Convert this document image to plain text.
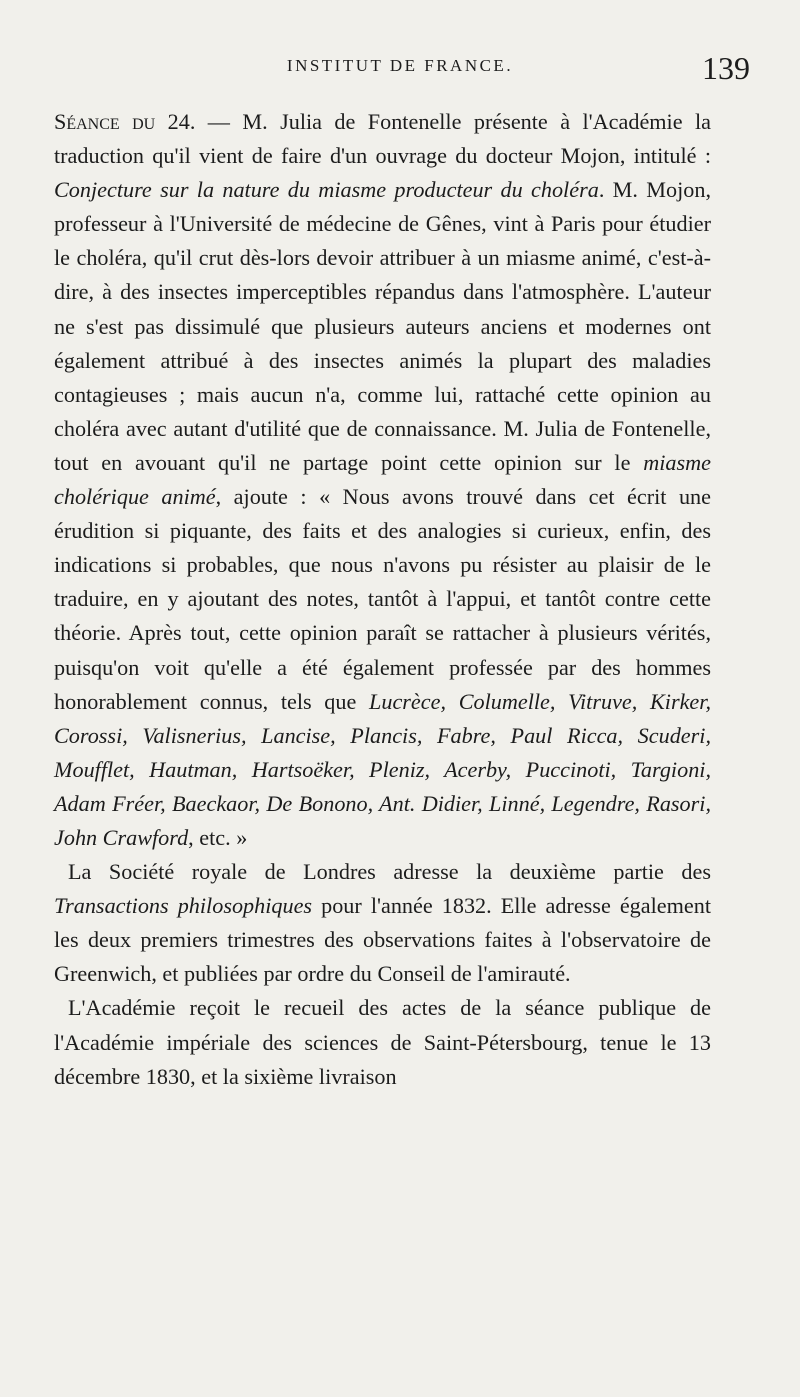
INSTITUT DE FRANCE.	139

Séance du 24. — M. Julia de Fontenelle présente à l'Académie la traduction qu'il vient de faire d'un ouvrage du docteur Mojon, intitulé : Conjecture sur la nature du miasme producteur du choléra. M. Mojon, professeur à l'Université de médecine de Gênes, vint à Paris pour étudier le choléra, qu'il crut dès-lors devoir attribuer à un miasme animé, c'est-à-dire, à des insectes imperceptibles répandus dans l'atmosphère. L'auteur ne s'est pas dissimulé que plusieurs auteurs anciens et modernes ont également attribué à des insectes animés la plupart des maladies contagieuses ; mais aucun n'a, comme lui, rattaché cette opinion au choléra avec autant d'utilité que de connaissance. M. Julia de Fontenelle, tout en avouant qu'il ne partage point cette opinion sur le miasme cholérique animé, ajoute : « Nous avons trouvé dans cet écrit une érudition si piquante, des faits et des analogies si curieux, enfin, des indications si probables, que nous n'avons pu résister au plaisir de le traduire, en y ajoutant des notes, tantôt à l'appui, et tantôt contre cette théorie. Après tout, cette opinion paraît se rattacher à plusieurs vérités, puisqu'on voit qu'elle a été également professée par des hommes honorablement connus, tels que Lucrèce, Columelle, Vitruve, Kirker, Corossi, Valisnerius, Lancise, Plancis, Fabre, Paul Ricca, Scuderi, Moufflet, Hautman, Hartsoëker, Pleniz, Acerby, Puccinoti, Targioni, Adam Fréer, Baeckaor, De Bonono, Ant. Didier, Linné, Legendre, Rasori, John Crawford, etc. »

La Société royale de Londres adresse la deuxième partie des Transactions philosophiques pour l'année 1832. Elle adresse également les deux premiers trimestres des observations faites à l'observatoire de Greenwich, et publiées par ordre du Conseil de l'amirauté.

L'Académie reçoit le recueil des actes de la séance publique de l'Académie impériale des sciences de Saint-Pétersbourg, tenue le 13 décembre 1830, et la sixième livraison
